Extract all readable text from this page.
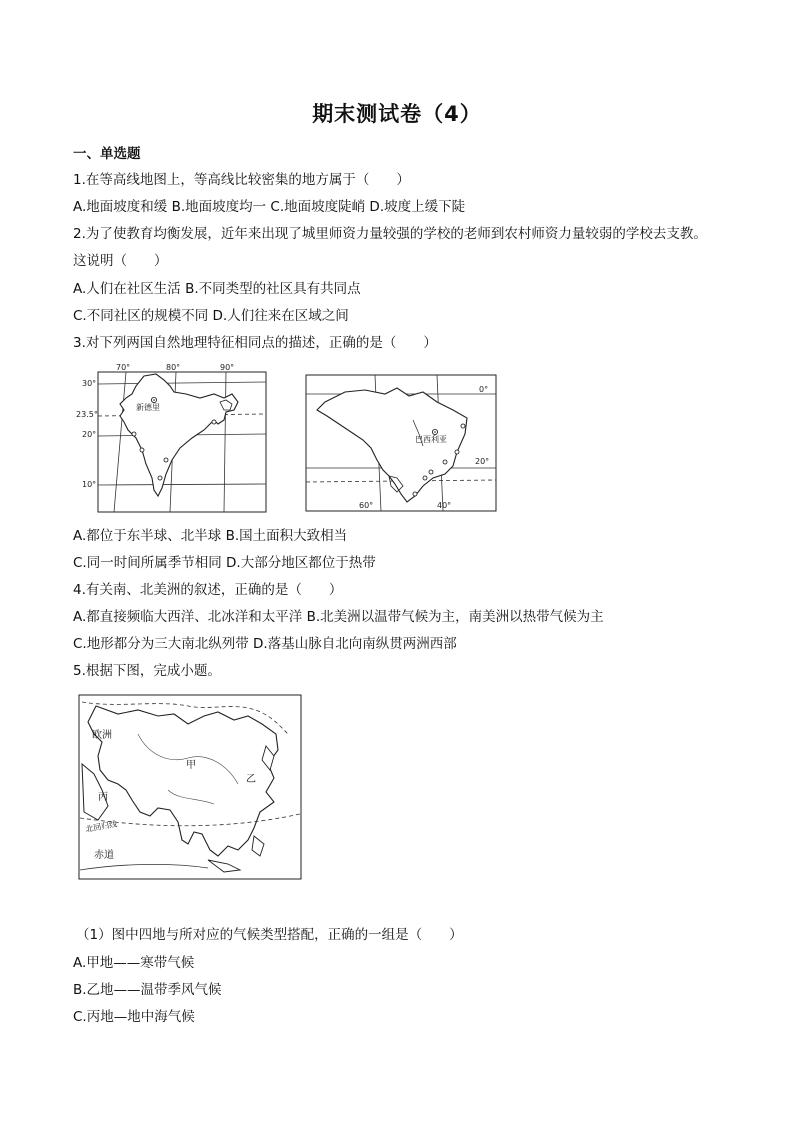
期末测试卷（4）
一、单选题
1.在等高线地图上，等高线比较密集的地方属于（　　）
A.地面坡度和缓 B.地面坡度均一 C.地面坡度陡峭 D.坡度上缓下陡
2.为了使教育均衡发展，近年来出现了城里师资力量较强的学校的老师到农村师资力量较弱的学校去支教。
这说明（　　）
A.人们在社区生活 B.不同类型的社区具有共同点
C.不同社区的规模不同 D.人们往来在区域之间
3.对下列两国自然地理特征相同点的描述，正确的是（　　）
70°	80°	90°
30°
23.5°
20°
10°
新德里
0°
20°
60°	40°
巴西利亚
A.都位于东半球、北半球 B.国土面积大致相当
C.同一时间所属季节相同 D.大部分地区都位于热带
4.有关南、北美洲的叙述，正确的是（　　）
A.都直接频临大西洋、北冰洋和太平洋 B.北美洲以温带气候为主，南美洲以热带气候为主
C.地形都分为三大南北纵列带 D.落基山脉自北向南纵贯两洲西部
5.根据下图，完成小题。
欧洲
甲
乙
丙
北回归线
赤道
（1）图中四地与所对应的气候类型搭配，正确的一组是（　　）
A.甲地——寒带气候
B.乙地——温带季风气候
C.丙地—地中海气候
